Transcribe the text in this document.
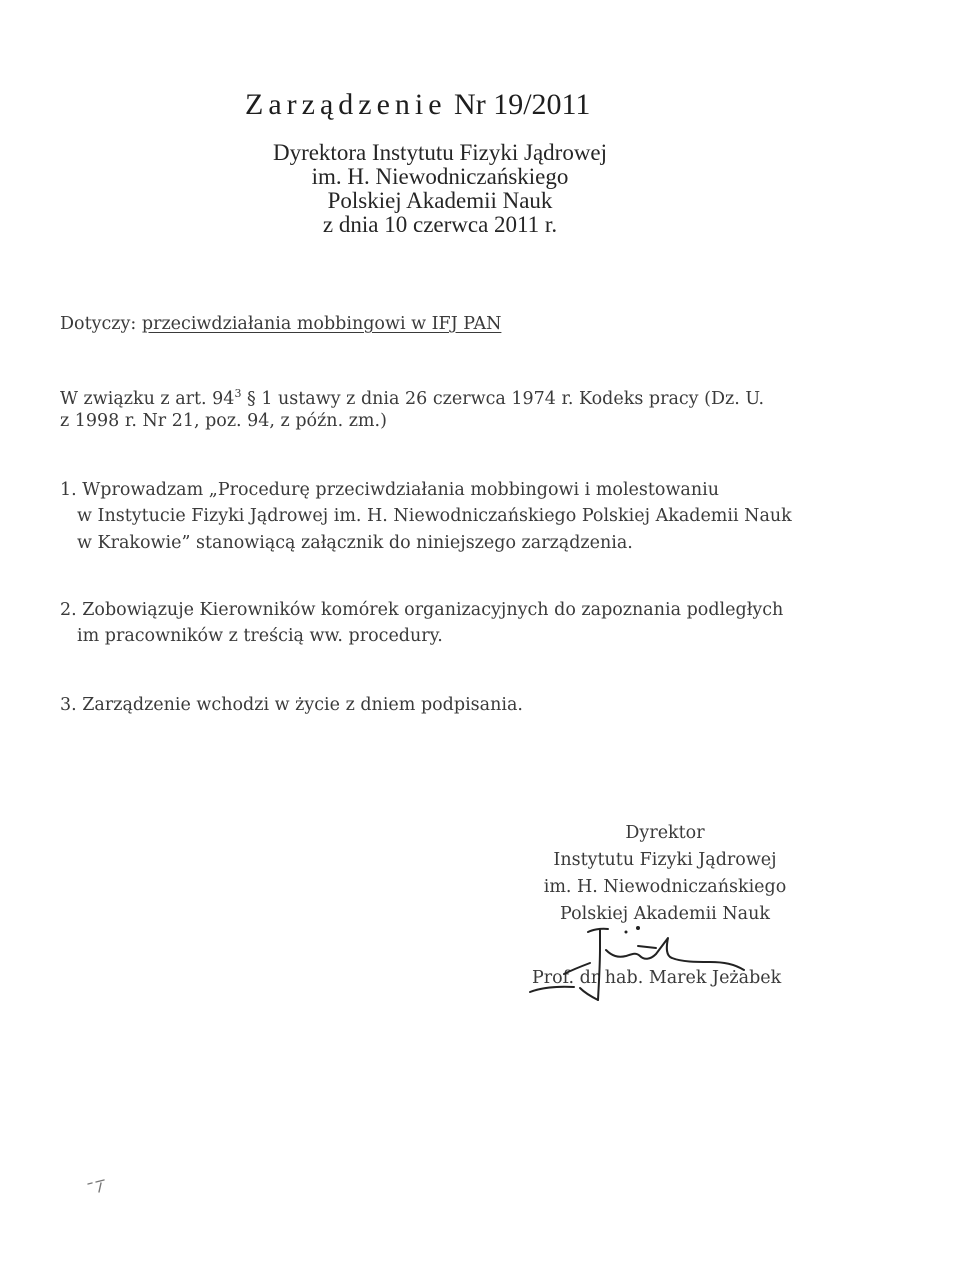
Zarządzenie Nr 19/2011
Dyrektora Instytutu Fizyki Jądrowej
im. H. Niewodniczańskiego
Polskiej Akademii Nauk
z dnia 10 czerwca 2011 r.
Dotyczy: przeciwdziałania mobbingowi w IFJ PAN
W związku z art. $94^3$ § 1 ustawy z dnia 26 czerwca 1974 r. Kodeks pracy (Dz. U.
z 1998 r. Nr 21, poz. 94, z późn. zm.)
1. Wprowadzam „Procedurę przeciwdziałania mobbingowi i molestowaniu
w Instytucie Fizyki Jądrowej im. H. Niewodniczańskiego Polskiej Akademii Nauk
w Krakowie” stanowiącą załącznik do niniejszego zarządzenia.
2. Zobowiązuje Kierowników komórek organizacyjnych do zapoznania podległych
im pracowników z treścią ww. procedury.
3. Zarządzenie wchodzi w życie z dniem podpisania.
Dyrektor
Instytutu Fizyki Jądrowej
im. H. Niewodniczańskiego
Polskiej Akademii Nauk
Prof. dr hab. Marek Jeżabek
